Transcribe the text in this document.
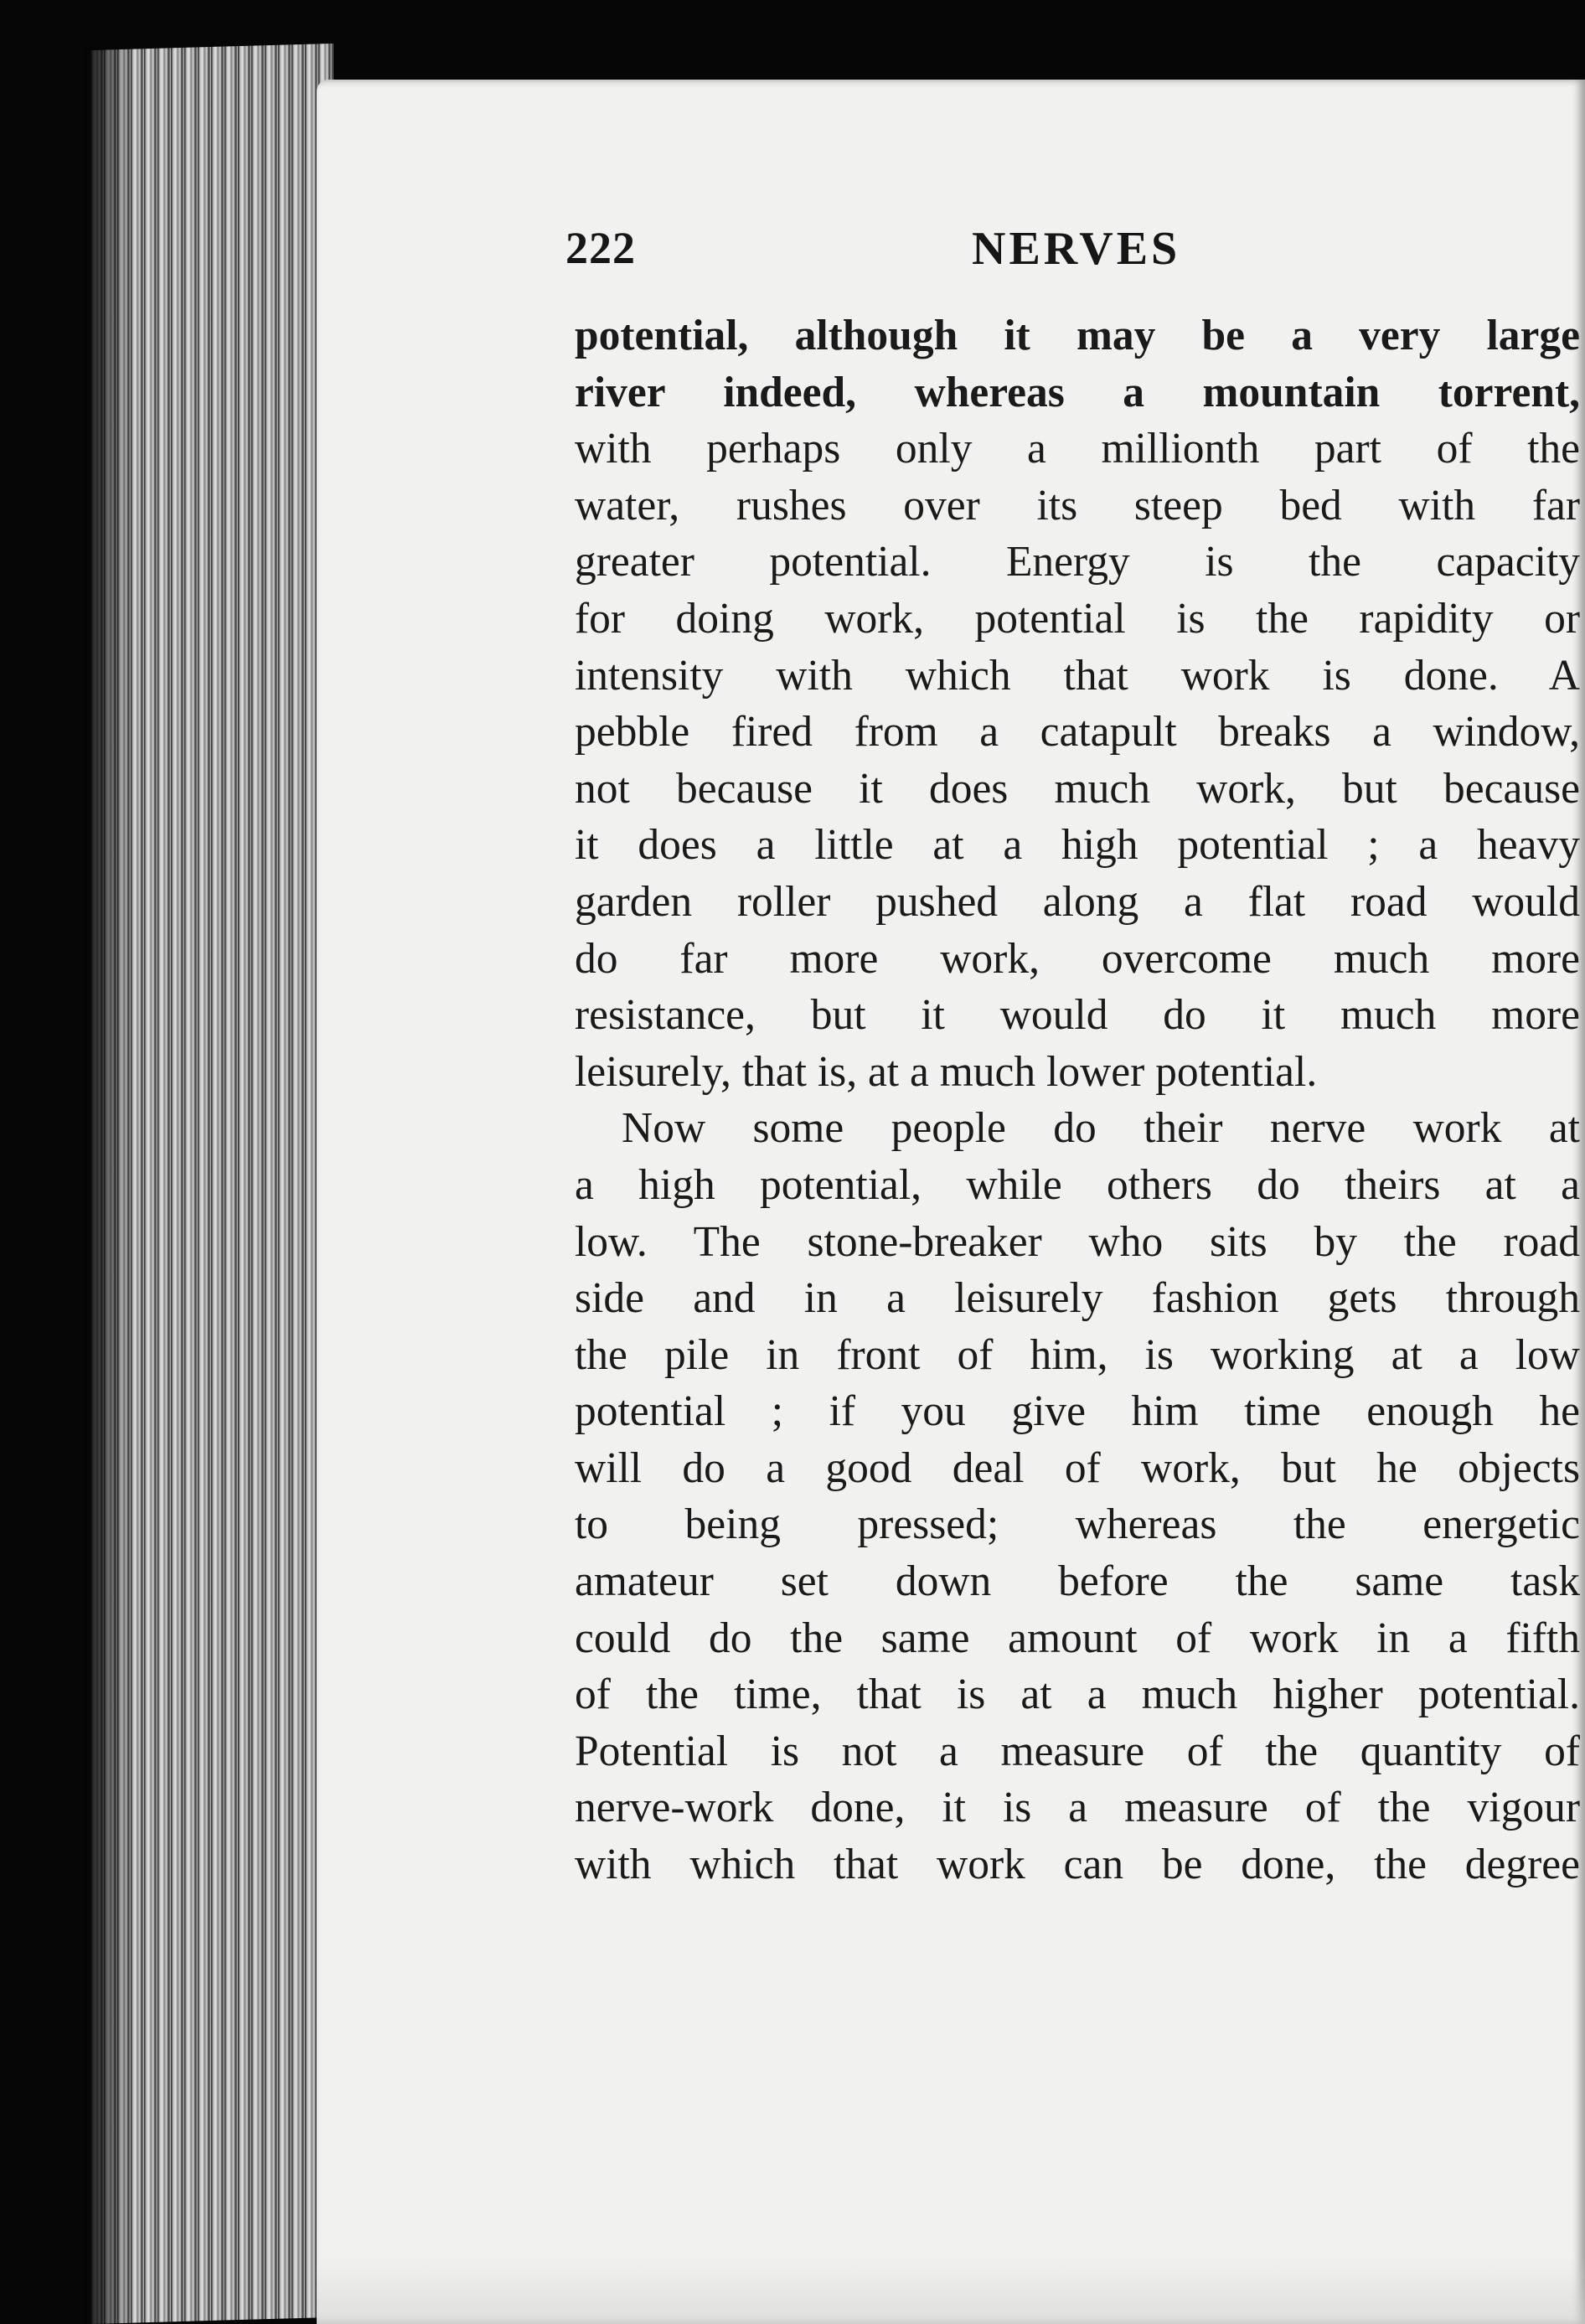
222	NERVES
potential, although it may be a very large
river indeed, whereas a mountain torrent,
with perhaps only a millionth part of the
water, rushes over its steep bed with far
greater potential. Energy is the capacity
for doing work, potential is the rapidity or
intensity with which that work is done. A
pebble fired from a catapult breaks a window,
not because it does much work, but because
it does a little at a high potential ; a heavy
garden roller pushed along a flat road would
do far more work, overcome much more
resistance, but it would do it much more
leisurely, that is, at a much lower potential.
Now some people do their nerve work at
a high potential, while others do theirs at a
low. The stone-breaker who sits by the road
side and in a leisurely fashion gets through
the pile in front of him, is working at a low
potential ; if you give him time enough he
will do a good deal of work, but he objects
to being pressed; whereas the energetic
amateur set down before the same task
could do the same amount of work in a fifth
of the time, that is at a much higher potential.
Potential is not a measure of the quantity of
nerve-work done, it is a measure of the vigour
with which that work can be done, the degree
